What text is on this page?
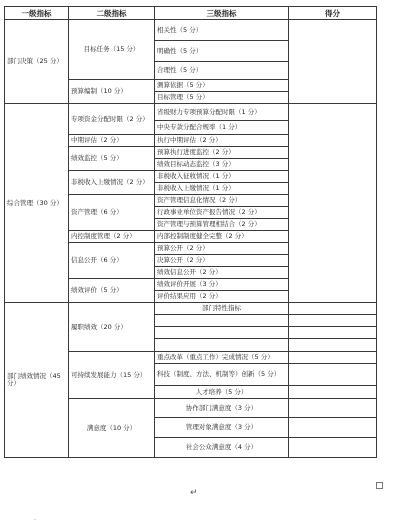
一级指标	二级指标	三级指标	得分
部门决策（25 分）	目标任务（15 分）	相关性（5 分）	
		明确性（5 分）	
		合理性（5 分）	
	预算编制（10 分）	测算依据（5 分）	
		目标管理（5 分）	
综合管理（30 分）	专项资金分配时限（2 分）	省级财力专项预算分配时限（1 分）	
		中央专款分配合规率（1 分）	
	中期评估（2 分）	执行中期评估（2 分）	
	绩效监控（5 分）	预算执行进度监控（2 分）	
		绩效目标动态监控（3 分）	
	非税收入上缴情况（2 分）	非税收入征收情况（1 分）	
		非税收入上缴情况（1 分）	
	资产管理（6 分）	资产管理信息化情况（2 分）	
		行政事业单位资产报告情况（2 分）	
		资产管理与预算管理相结合（2 分）	
	内控制度管理（2 分）	内部控制制度健全完整（2 分）	
	信息公开（6 分）	预算公开（2 分）	
		决算公开（2 分）	
		绩效信息公开（2 分）	
	绩效评价（5 分）	绩效评价开展（3 分）	
		评价结果应用（2 分）	
部门绩效情况（45 分）	履职绩效（20 分）	部门特性指标	

	可持续发展能力（15 分）	重点改革（重点工作）完成情况（5 分）	
		科技（制度、方法、机制等）创新（5 分）	
		人才培养（5 分）	
	满意度（10 分）	协作部门满意度（3 分）	
		管理对象满意度（3 分）	
		社会公众满意度（4 分）	
↵
.
